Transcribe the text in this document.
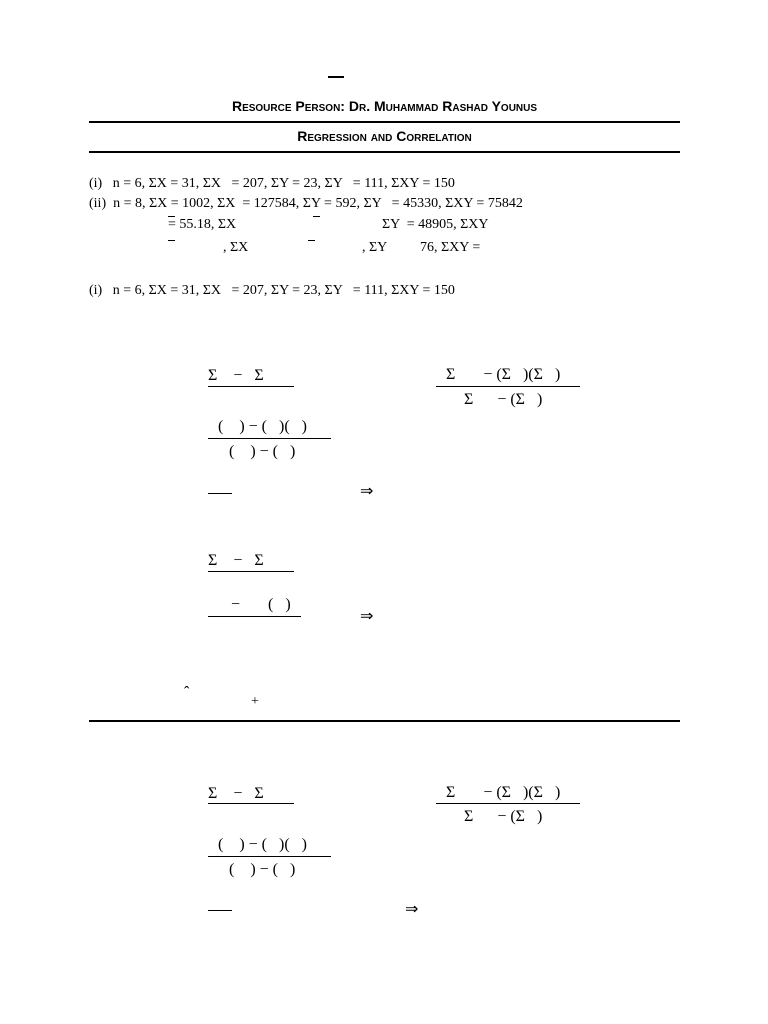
Resource Person: Dr. Muhammad Rashad Younus
Regression and Correlation
(i)   n = 6, ΣX = 31, ΣX   = 207, ΣY = 23, ΣY   = 111, ΣXY = 150
(ii)  n = 8, ΣX = 1002, ΣX  = 127584, ΣY = 592, ΣY   = 45330, ΣXY = 75842
= 55.18, ΣX	ΣY  = 48905, ΣXY
, ΣX	, ΣY 76, ΣXY =
(i)   n = 6, ΣX = 31, ΣX   = 207, ΣY = 23, ΣY   = 111, ΣXY = 150
Σ    −   Σ	Σ       − (Σ   )(Σ   )
Σ      − (Σ   )
(    ) − (   )(   )
(    ) − (   )
⇒
Σ    −   Σ
−       (   )
⇒
ˆ
+
Σ    −   Σ	Σ       − (Σ   )(Σ   )
Σ      − (Σ   )
(    ) − (   )(   )
(    ) − (   )
⇒
